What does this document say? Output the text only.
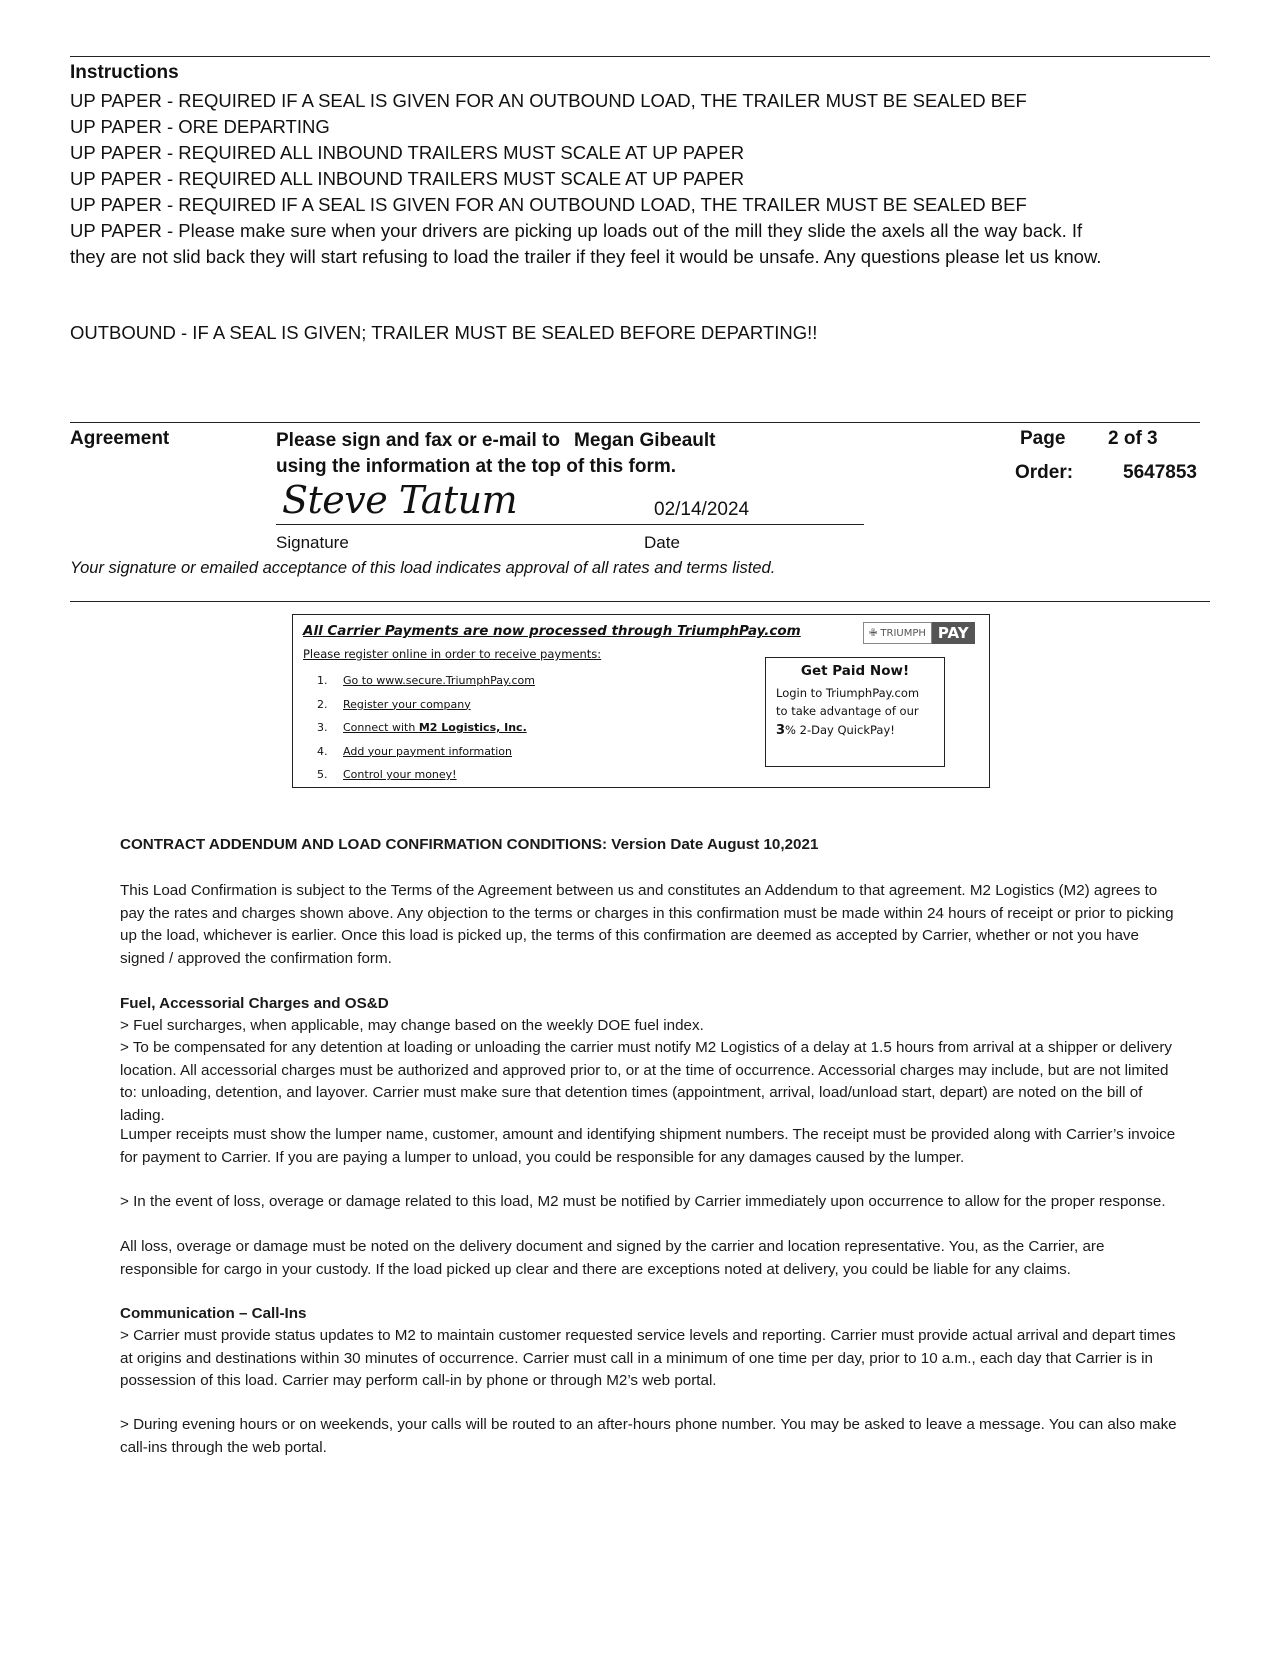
Instructions
UP PAPER - REQUIRED IF A SEAL IS GIVEN FOR AN OUTBOUND LOAD, THE TRAILER MUST BE SEALED BEF
UP PAPER - ORE DEPARTING
UP PAPER - REQUIRED ALL INBOUND TRAILERS MUST SCALE AT UP PAPER
UP PAPER - REQUIRED ALL INBOUND TRAILERS MUST SCALE AT UP PAPER
UP PAPER - REQUIRED IF A SEAL IS GIVEN FOR AN OUTBOUND LOAD, THE TRAILER MUST BE SEALED BEF
UP PAPER - Please make sure when your drivers are picking up loads out of the mill they slide the axels all the way back. If they are not slid back they will start refusing to load the trailer if they feel it would be unsafe. Any questions please let us know.
OUTBOUND - IF A SEAL IS GIVEN; TRAILER MUST BE SEALED BEFORE DEPARTING!!
Agreement	Please sign and fax or e-mail to Megan Gibeault
using the information at the top of this form.
Page 2 of 3
Order:	5647853
Steve Tatum	02/14/2024
Signature	Date
Your signature or emailed acceptance of this load indicates approval of all rates and terms listed.
All Carrier Payments are now processed through TriumphPay.com
Please register online in order to receive payments:
1. Go to www.secure.TriumphPay.com
2. Register your company
3. Connect with M2 Logistics, Inc.
4. Add your payment information
5. Control your money!
✙ TRIUMPH PAY
Get Paid Now!
Login to TriumphPay.com
to take advantage of our
3% 2-Day QuickPay!
CONTRACT ADDENDUM AND LOAD CONFIRMATION CONDITIONS: Version Date August 10,2021
This Load Confirmation is subject to the Terms of the Agreement between us and constitutes an Addendum to that agreement. M2 Logistics (M2) agrees to pay the rates and charges shown above. Any objection to the terms or charges in this confirmation must be made within 24 hours of receipt or prior to picking up the load, whichever is earlier. Once this load is picked up, the terms of this confirmation are deemed as accepted by Carrier, whether or not you have signed / approved the confirmation form.
Fuel, Accessorial Charges and OS&D
> Fuel surcharges, when applicable, may change based on the weekly DOE fuel index.
> To be compensated for any detention at loading or unloading the carrier must notify M2 Logistics of a delay at 1.5 hours from arrival at a shipper or delivery location. All accessorial charges must be authorized and approved prior to, or at the time of occurrence. Accessorial charges may include, but are not limited to: unloading, detention, and layover. Carrier must make sure that detention times (appointment, arrival, load/unload start, depart) are noted on the bill of lading.
Lumper receipts must show the lumper name, customer, amount and identifying shipment numbers. The receipt must be provided along with Carrier’s invoice for payment to Carrier. If you are paying a lumper to unload, you could be responsible for any damages caused by the lumper.
> In the event of loss, overage or damage related to this load, M2 must be notified by Carrier immediately upon occurrence to allow for the proper response.
All loss, overage or damage must be noted on the delivery document and signed by the carrier and location representative. You, as the Carrier, are responsible for cargo in your custody. If the load picked up clear and there are exceptions noted at delivery, you could be liable for any claims.
Communication – Call-Ins
> Carrier must provide status updates to M2 to maintain customer requested service levels and reporting. Carrier must provide actual arrival and depart times at origins and destinations within 30 minutes of occurrence. Carrier must call in a minimum of one time per day, prior to 10 a.m., each day that Carrier is in possession of this load. Carrier may perform call-in by phone or through M2’s web portal.
> During evening hours or on weekends, your calls will be routed to an after-hours phone number. You may be asked to leave a message. You can also make call-ins through the web portal.
